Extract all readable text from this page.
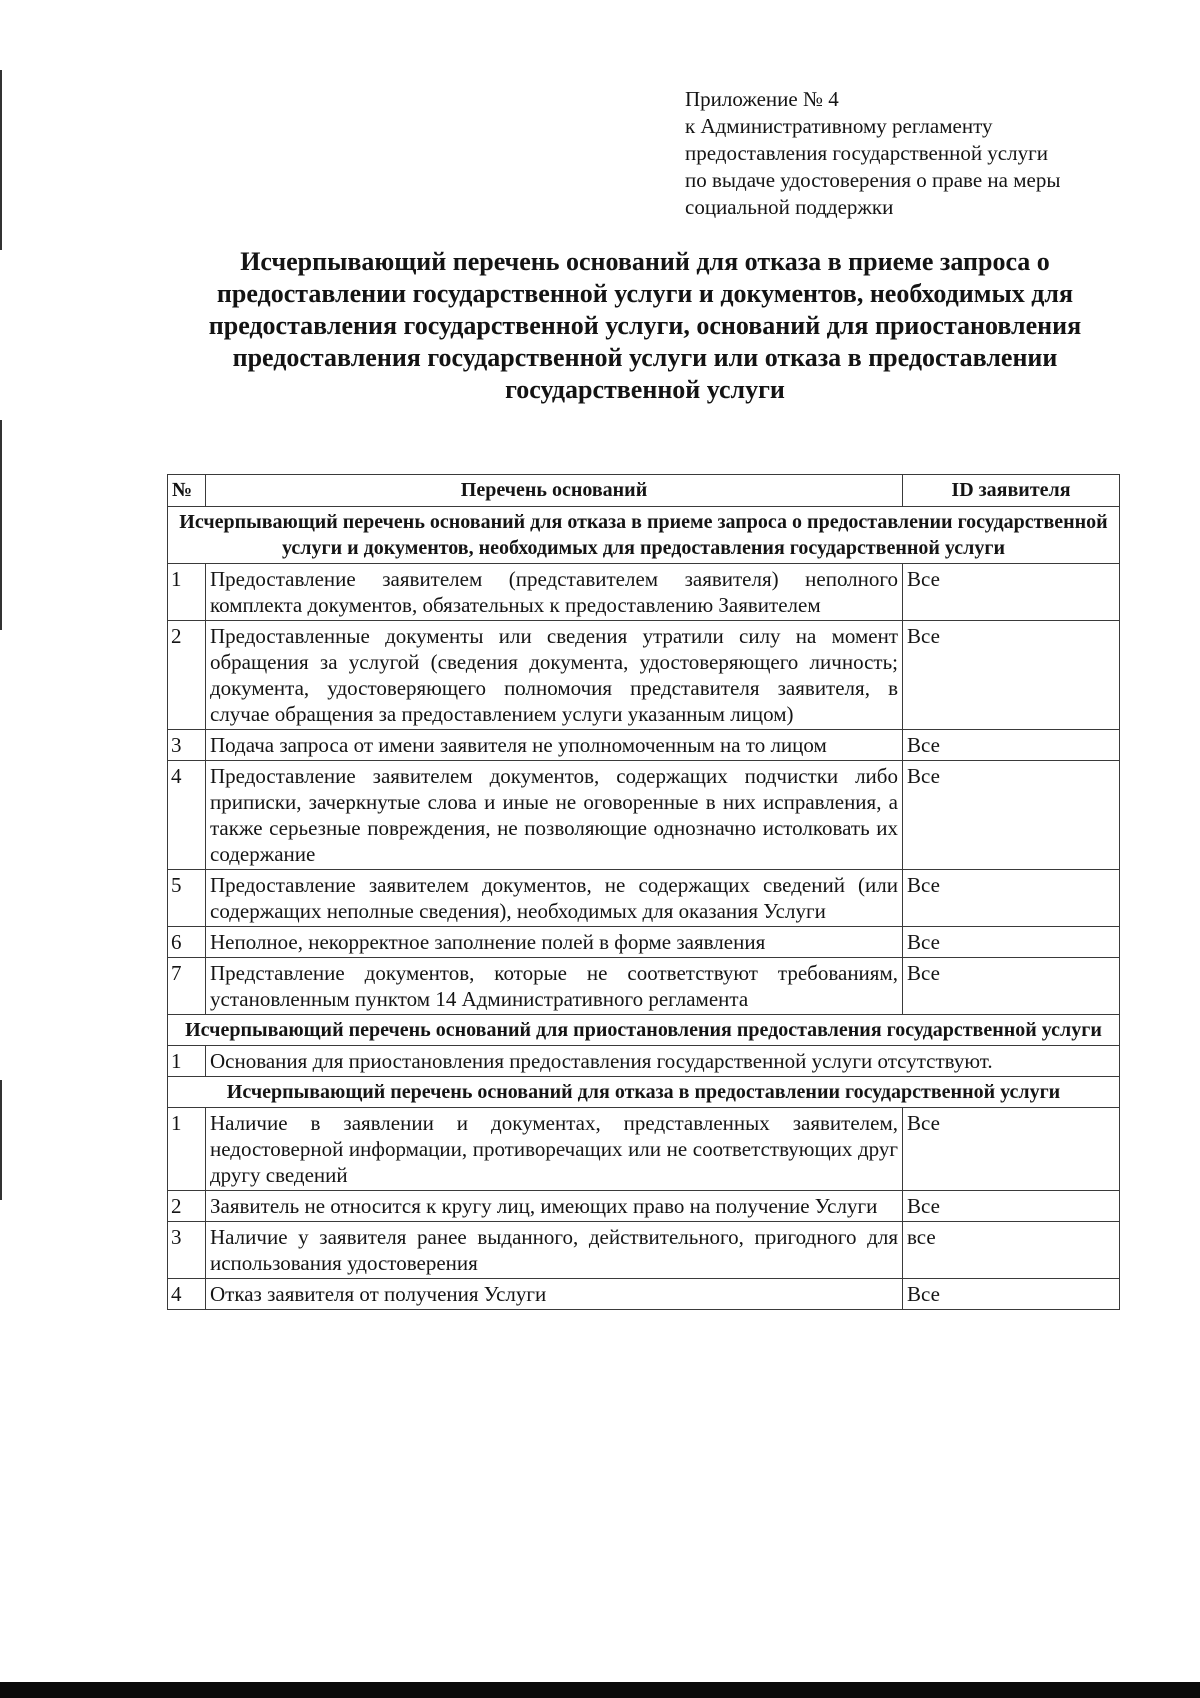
Приложение № 4
к Административному регламенту
предоставления государственной услуги
по выдаче удостоверения о праве на меры
социальной поддержки
Исчерпывающий перечень оснований для отказа в приеме запроса о предоставлении государственной услуги и документов, необходимых для предоставления государственной услуги, оснований для приостановления предоставления государственной услуги или отказа в предоставлении государственной услуги
№	Перечень оснований	ID заявителя
Исчерпывающий перечень оснований для отказа в приеме запроса о предоставлении государственной услуги и документов, необходимых для предоставления государственной услуги		
1	Предоставление заявителем (представителем заявителя) неполного комплекта документов, обязательных к предоставлению Заявителем	Все
2	Предоставленные документы или сведения утратили силу на момент обращения за услугой (сведения документа, удостоверяющего личность; документа, удостоверяющего полномочия представителя заявителя, в случае обращения за предоставлением услуги указанным лицом)	Все
3	Подача запроса от имени заявителя не уполномоченным на то лицом	Все
4	Предоставление заявителем документов, содержащих подчистки либо приписки, зачеркнутые слова и иные не оговоренные в них исправления, а также серьезные повреждения, не позволяющие однозначно истолковать их содержание	Все
5	Предоставление заявителем документов, не содержащих сведений (или содержащих неполные сведения), необходимых для оказания Услуги	Все
6	Неполное, некорректное заполнение полей в форме заявления	Все
7	Представление документов, которые не соответствуют требованиям, установленным пунктом 14 Административного регламента	Все
Исчерпывающий перечень оснований для приостановления предоставления государственной услуги		
1	Основания для приостановления предоставления государственной услуги отсутствуют.	
Исчерпывающий перечень оснований для отказа в предоставлении государственной услуги		
1	Наличие в заявлении и документах, представленных заявителем, недостоверной информации, противоречащих или не соответствующих друг другу сведений	Все
2	Заявитель не относится к кругу лиц, имеющих право на получение Услуги	Все
3	Наличие у заявителя ранее выданного, действительного, пригодного для использования удостоверения	все
4	Отказ заявителя от получения Услуги	Все
